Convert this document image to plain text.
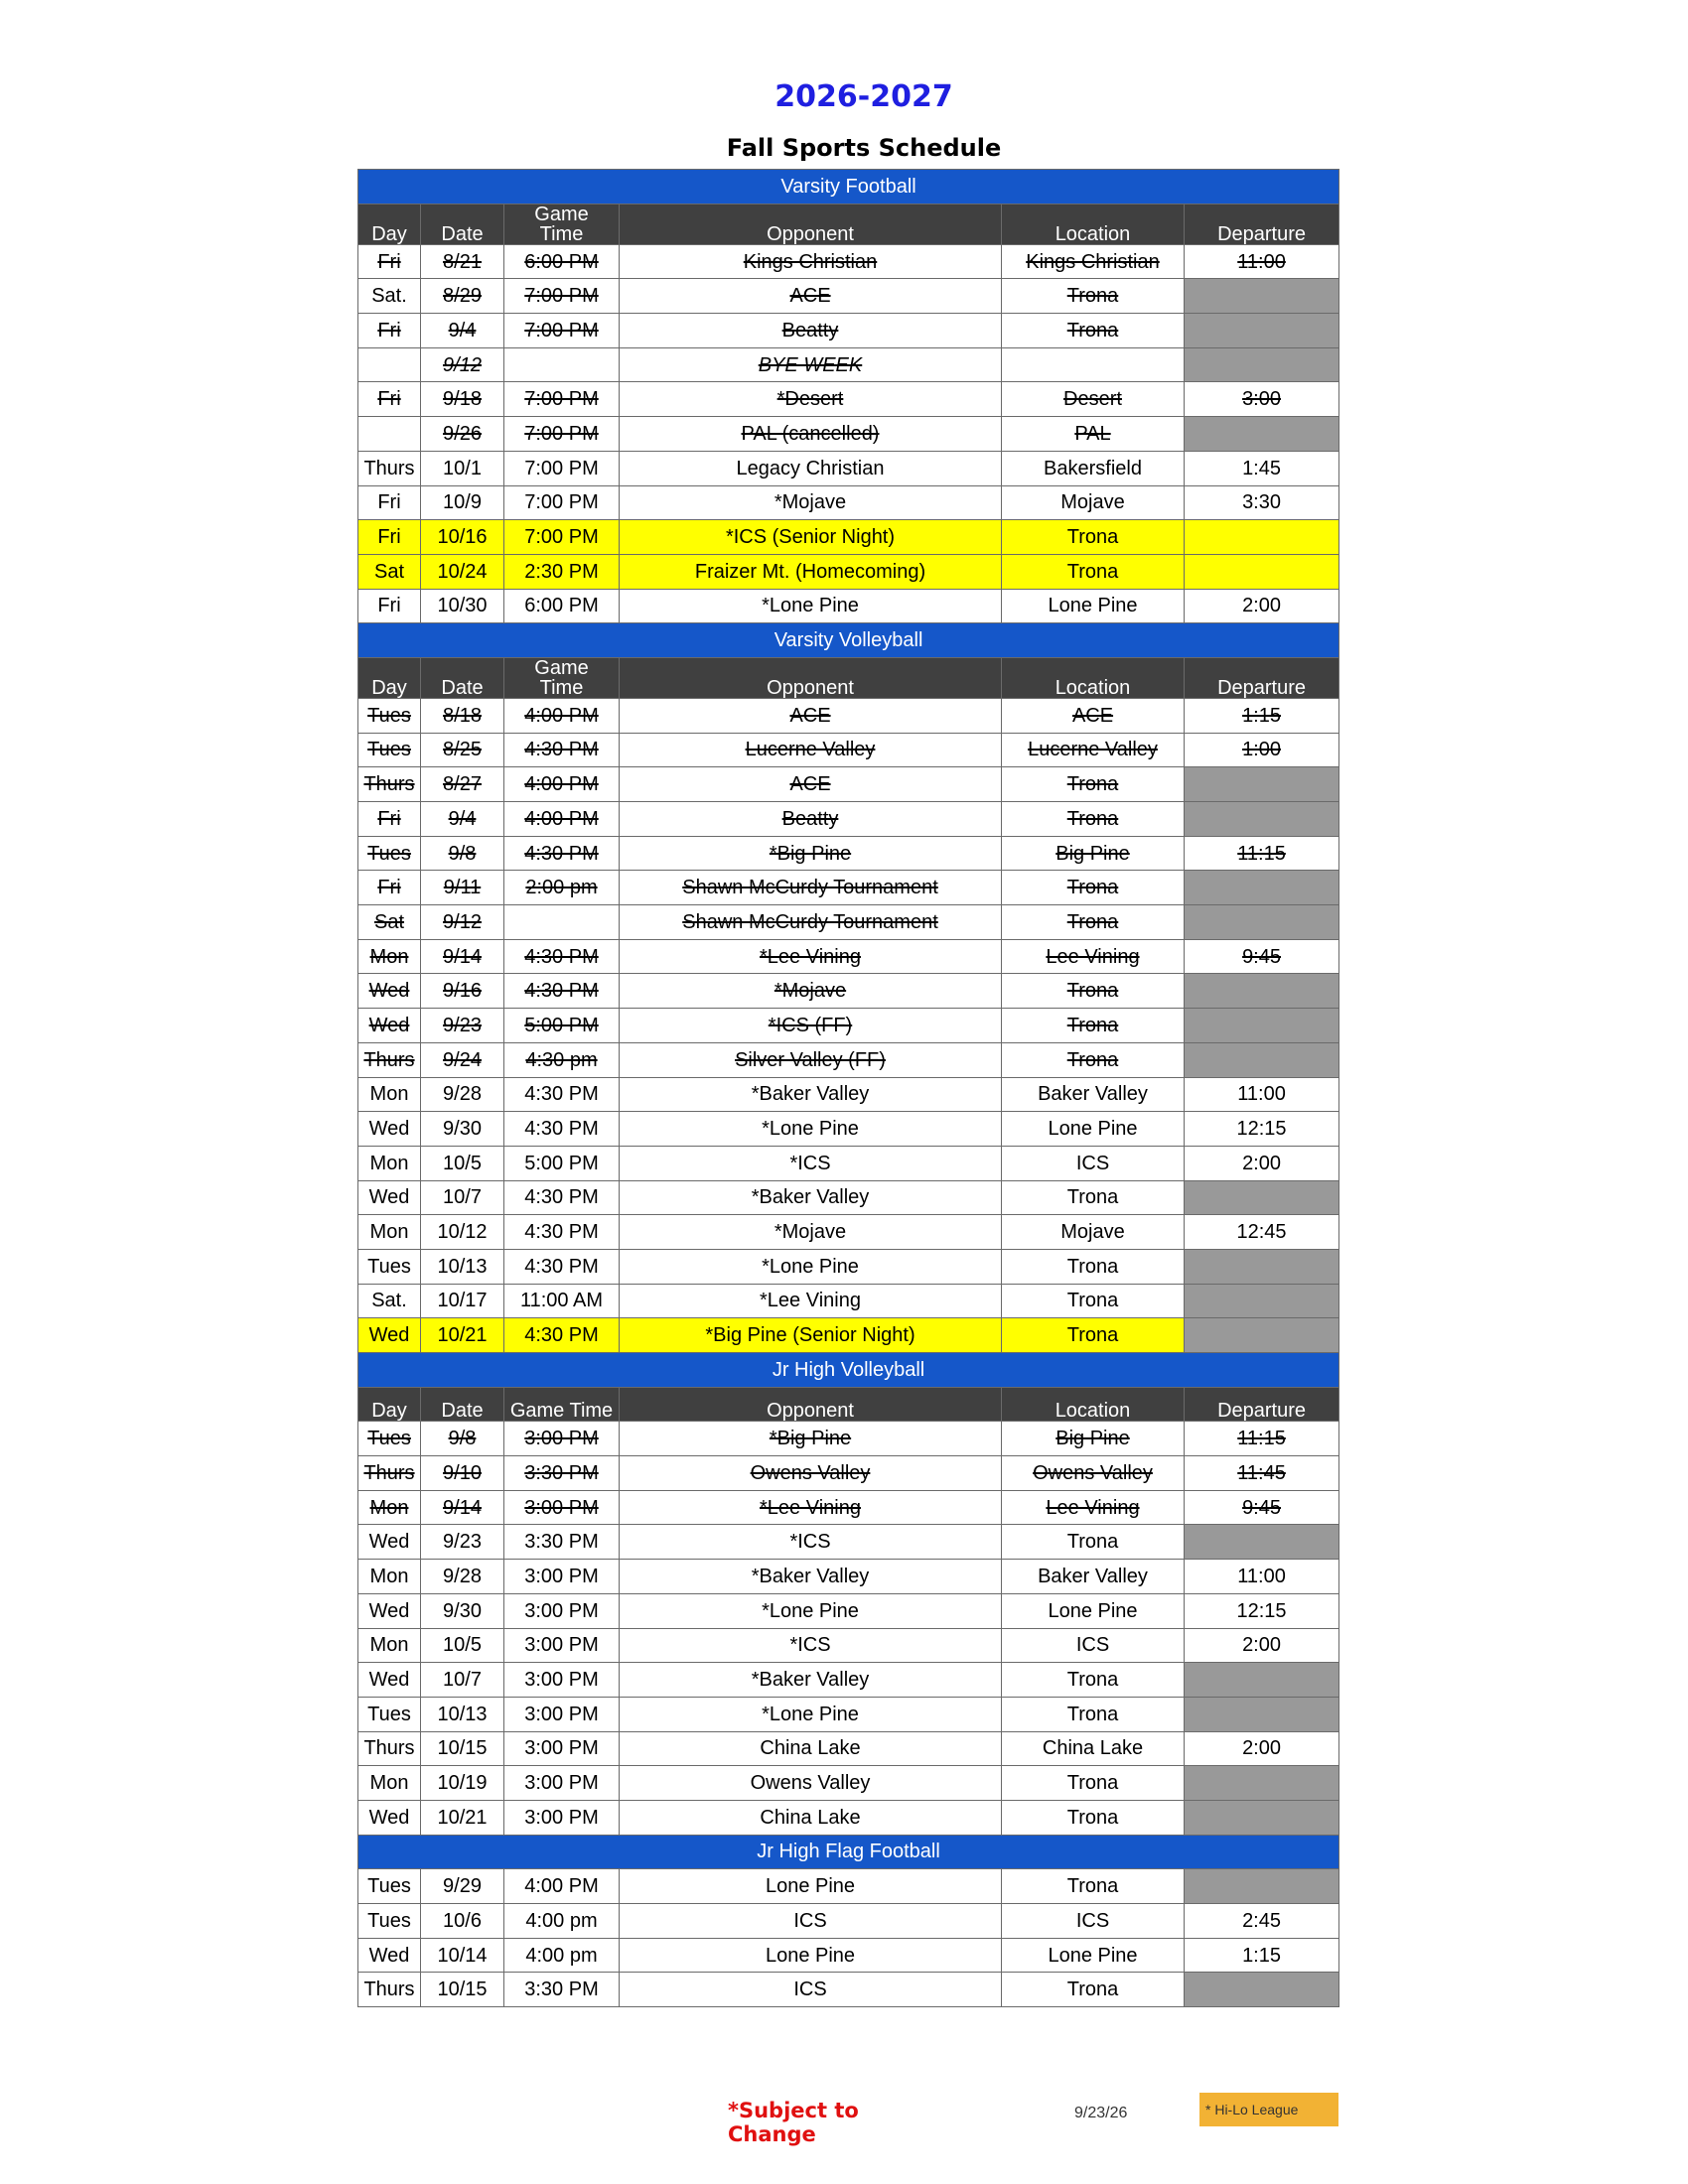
2026-2027
Fall Sports Schedule
Varsity Football					
Day	Date	Game
Time	Opponent	Location	Departure
Fri	8/21	6:00 PM	Kings Christian	Kings Christian	11:00
Sat.	8/29	7:00 PM	ACE	Trona	
Fri	9/4	7:00 PM	Beatty	Trona	
	9/12		BYE WEEK		
Fri	9/18	7:00 PM	*Desert	Desert	3:00
	9/26	7:00 PM	PAL (cancelled)	PAL	
Thurs	10/1	7:00 PM	Legacy Christian	Bakersfield	1:45
Fri	10/9	7:00 PM	*Mojave	Mojave	3:30
Fri	10/16	7:00 PM	*ICS (Senior Night)	Trona	
Sat	10/24	2:30 PM	Fraizer Mt. (Homecoming)	Trona	
Fri	10/30	6:00 PM	*Lone Pine	Lone Pine	2:00
Varsity Volleyball					
Day	Date	Game
Time	Opponent	Location	Departure
Tues	8/18	4:00 PM	ACE	ACE	1:15
Tues	8/25	4:30 PM	Lucerne Valley	Lucerne Valley	1:00
Thurs	8/27	4:00 PM	ACE	Trona	
Fri	9/4	4:00 PM	Beatty	Trona	
Tues	9/8	4:30 PM	*Big Pine	Big Pine	11:15
Fri	9/11	2:00 pm	Shawn McCurdy Tournament	Trona	
Sat	9/12		Shawn McCurdy Tournament	Trona	
Mon	9/14	4:30 PM	*Lee Vining	Lee Vining	9:45
Wed	9/16	4:30 PM	*Mojave	Trona	
Wed	9/23	5:00 PM	*ICS (FF)	Trona	
Thurs	9/24	4:30 pm	Silver Valley (FF)	Trona	
Mon	9/28	4:30 PM	*Baker Valley	Baker Valley	11:00
Wed	9/30	4:30 PM	*Lone Pine	Lone Pine	12:15
Mon	10/5	5:00 PM	*ICS	ICS	2:00
Wed	10/7	4:30 PM	*Baker Valley	Trona	
Mon	10/12	4:30 PM	*Mojave	Mojave	12:45
Tues	10/13	4:30 PM	*Lone Pine	Trona	
Sat.	10/17	11:00 AM	*Lee Vining	Trona	
Wed	10/21	4:30 PM	*Big Pine (Senior Night)	Trona	
Jr High Volleyball					
Day	Date	Game Time	Opponent	Location	Departure
Tues	9/8	3:00 PM	*Big Pine	Big Pine	11:15
Thurs	9/10	3:30 PM	Owens Valley	Owens Valley	11:45
Mon	9/14	3:00 PM	*Lee Vining	Lee Vining	9:45
Wed	9/23	3:30 PM	*ICS	Trona	
Mon	9/28	3:00 PM	*Baker Valley	Baker Valley	11:00
Wed	9/30	3:00 PM	*Lone Pine	Lone Pine	12:15
Mon	10/5	3:00 PM	*ICS	ICS	2:00
Wed	10/7	3:00 PM	*Baker Valley	Trona	
Tues	10/13	3:00 PM	*Lone Pine	Trona	
Thurs	10/15	3:00 PM	China Lake	China Lake	2:00
Mon	10/19	3:00 PM	Owens Valley	Trona	
Wed	10/21	3:00 PM	China Lake	Trona	
Jr High Flag Football					
Tues	9/29	4:00 PM	Lone Pine	Trona	
Tues	10/6	4:00 pm	ICS	ICS	2:45
Wed	10/14	4:00 pm	Lone Pine	Lone Pine	1:15
Thurs	10/15	3:30 PM	ICS	Trona	
*Subject to Change
9/23/26	* Hi-Lo League
